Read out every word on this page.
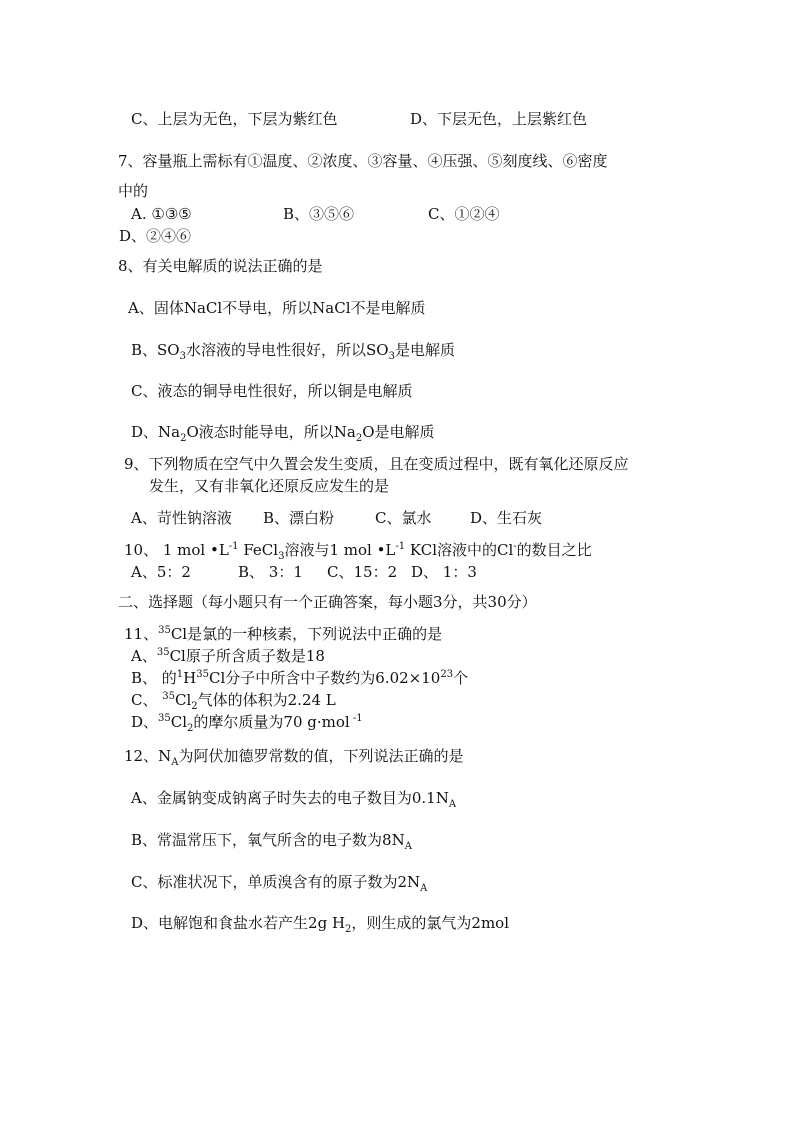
C、上层为无色，下层为紫红色	D、下层无色，上层紫红色
7、容量瓶上需标有①温度、②浓度、③容量、④压强、⑤刻度线、⑥密度
中的
A. ①③⑤	B、③⑤⑥	C、①②④
D、②④⑥
8、有关电解质的说法正确的是
A、固体NaCl不导电，所以NaCl不是电解质
B、$SO_3$水溶液的导电性很好，所以$SO_3$是电解质
C、液态的铜导电性很好，所以铜是电解质
D、$Na_2O$液态时能导电，所以$Na_2O$是电解质
9、下列物质在空气中久置会发生变质，且在变质过程中，既有氧化还原反应
发生，又有非氧化还原反应发生的是
A、苛性钠溶液 B、漂白粉	C、氯水	D、生石灰
10、 1 mol $•L^{-1}$ FeCl$_3$溶液与1 mol $•L^{-1}$ KCl溶液中的Cl-的数目之比
A、5：2	B、 3：1 C、15：2 D、 1：3
二、选择题（每小题只有一个正确答案，每小题3分，共30分）
11、$^{35}$Cl是氯的一种核素，下列说法中正确的是
A、$^{35}$Cl原子所含质子数是18
B、 的$^1H^{35}Cl$分子中所含中子数约为$6.02\times 10^{23}$个
C、 $^{35}Cl_2$气体的体积为2.24 L
D、$^{35}Cl_2$的摩尔质量为70 g·mol $^{-1}$
12、$N_A$为阿伏加德罗常数的值，下列说法正确的是
A、金属钠变成钠离子时失去的电子数目为$0.1N_A$
B、常温常压下，氧气所含的电子数为$8N_A$
C、标准状况下，单质溴含有的原子数为$2N_A$
D、电解饱和食盐水若产生2g $H_2$，则生成的氯气为2mol
